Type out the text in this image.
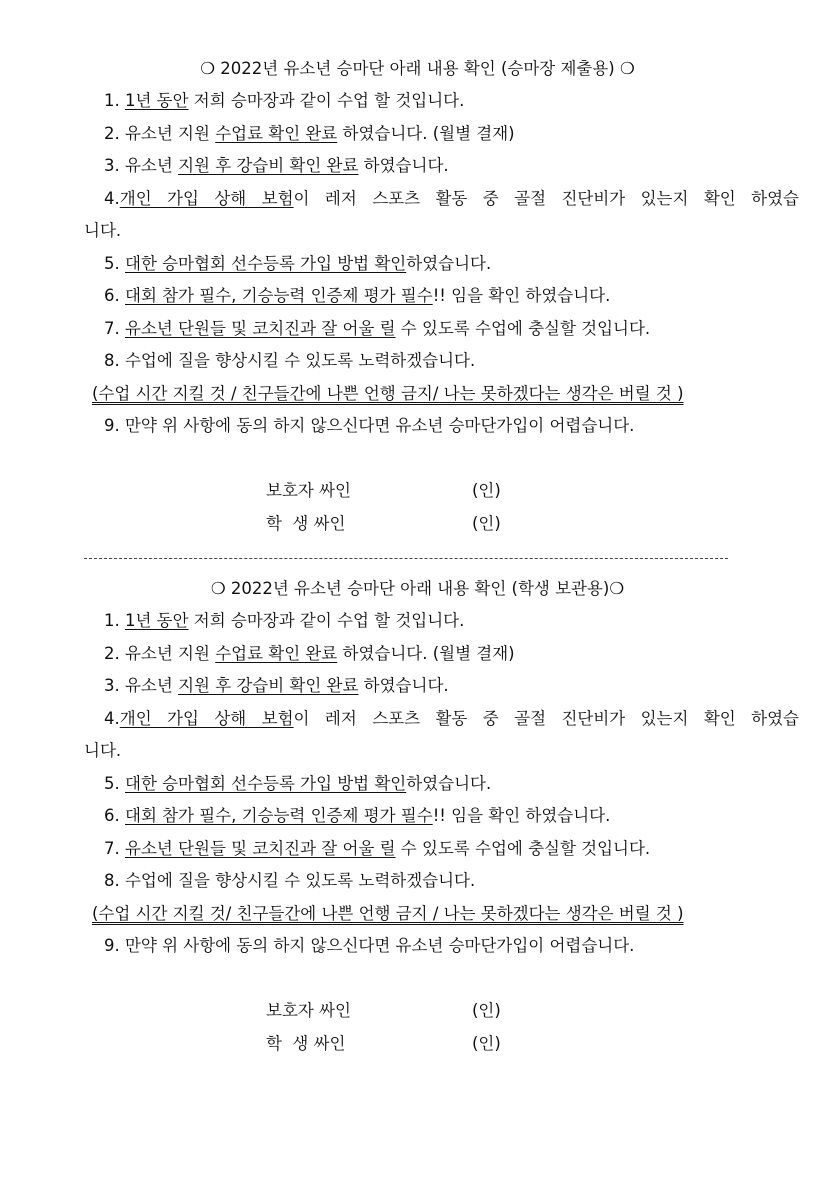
❍ 2022년 유소년 승마단 아래 내용 확인 (승마장 제출용) ❍
1. 1년 동안 저희 승마장과 같이 수업 할 것입니다.
2. 유소년 지원 수업료 확인 완료 하였습니다. (월별 결재)
3. 유소년 지원 후 강습비 확인 완료 하였습니다.
4.개인 가입 상해 보험이 레저 스포츠 활동 중 골절 진단비가 있는지 확인 하였습
니다.
5. 대한 승마협회 선수등록 가입 방법 확인하였습니다.
6. 대회 참가 필수, 기승능력 인증제 평가 필수!! 임을 확인 하였습니다.
7. 유소년 단원들 및 코치진과 잘 어울 릴 수 있도록 수업에 충실할 것입니다.
8. 수업에 질을 향상시킬 수 있도록 노력하겠습니다.
(수업 시간 지킬 것 / 친구들간에 나쁜 언행 금지/ 나는 못하겠다는 생각은 버릴 것 )
9. 만약 위 사항에 동의 하지 않으신다면 유소년 승마단가입이 어렵습니다.
보호자 싸인	(인)
학  생 싸인	(인)
❍ 2022년 유소년 승마단 아래 내용 확인 (학생 보관용)❍
1. 1년 동안 저희 승마장과 같이 수업 할 것입니다.
2. 유소년 지원 수업료 확인 완료 하였습니다. (월별 결재)
3. 유소년 지원 후 강습비 확인 완료 하였습니다.
4.개인 가입 상해 보험이 레저 스포츠 활동 중 골절 진단비가 있는지 확인 하였습
니다.
5. 대한 승마협회 선수등록 가입 방법 확인하였습니다.
6. 대회 참가 필수, 기승능력 인증제 평가 필수!! 임을 확인 하였습니다.
7. 유소년 단원들 및 코치진과 잘 어울 릴 수 있도록 수업에 충실할 것입니다.
8. 수업에 질을 향상시킬 수 있도록 노력하겠습니다.
(수업 시간 지킬 것/ 친구들간에 나쁜 언행 금지 / 나는 못하겠다는 생각은 버릴 것 )
9. 만약 위 사항에 동의 하지 않으신다면 유소년 승마단가입이 어렵습니다.
보호자 싸인	(인)
학  생 싸인	(인)
